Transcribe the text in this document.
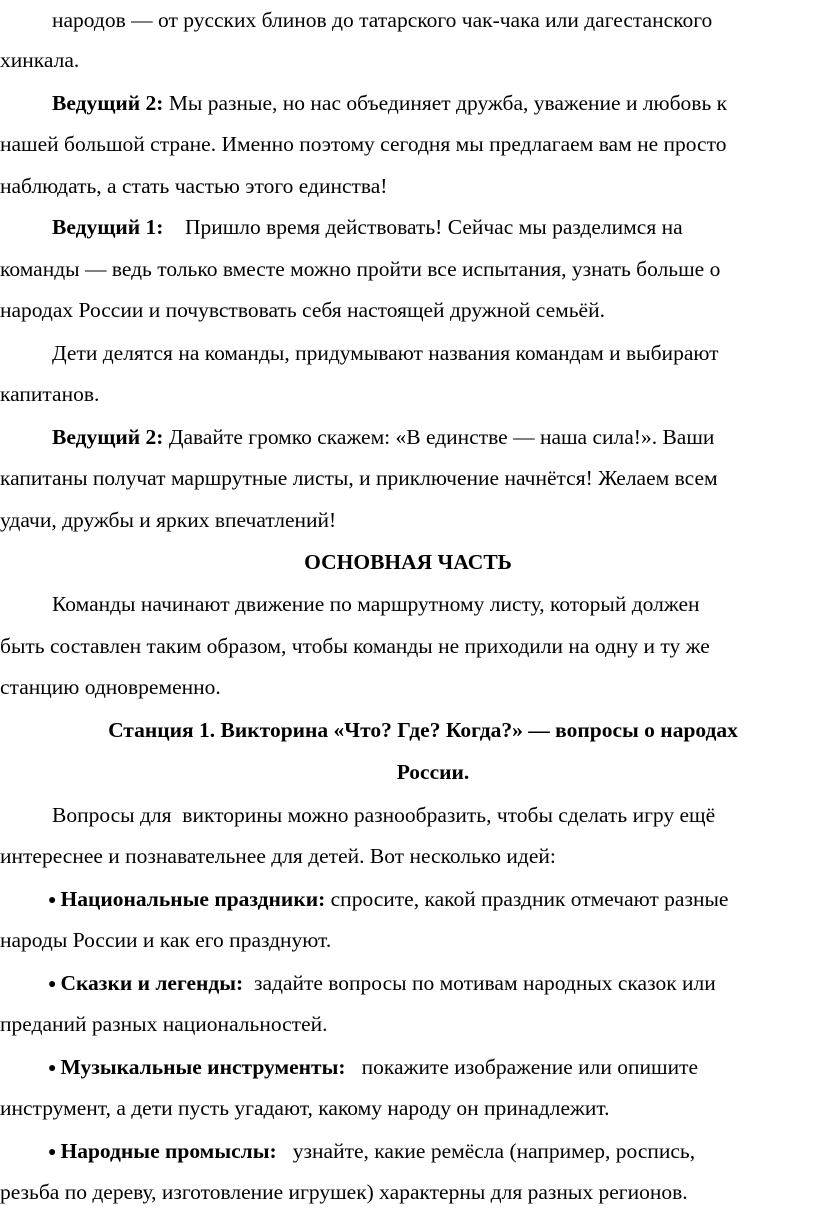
народов — от русских блинов до татарского чак-чака или дагестанского
хинкала.
Ведущий 2: Мы разные, но нас объединяет дружба, уважение и любовь к
нашей большой стране. Именно поэтому сегодня мы предлагаем вам не просто
наблюдать, а стать частью этого единства!
Ведущий 1:    Пришло время действовать! Сейчас мы разделимся на
команды — ведь только вместе можно пройти все испытания, узнать больше о
народах России и почувствовать себя настоящей дружной семьёй.
Дети делятся на команды, придумывают названия командам и выбирают
капитанов.
Ведущий 2: Давайте громко скажем: «В единстве — наша сила!». Ваши
капитаны получат маршрутные листы, и приключение начнётся! Желаем всем
удачи, дружбы и ярких впечатлений!
ОСНОВНАЯ ЧАСТЬ
Команды начинают движение по маршрутному листу, который должен
быть составлен таким образом, чтобы команды не приходили на одну и ту же
станцию одновременно.
Станция 1. Викторина «Что? Где? Когда?» — вопросы о народах
России.
Вопросы для  викторины можно разнообразить, чтобы сделать игру ещё
интереснее и познавательнее для детей. Вот несколько идей:
● Национальные праздники: спросите, какой праздник отмечают разные
народы России и как его празднуют.
● Сказки и легенды:  задайте вопросы по мотивам народных сказок или
преданий разных национальностей.
● Музыкальные инструменты:   покажите изображение или опишите
инструмент, а дети пусть угадают, какому народу он принадлежит.
● Народные промыслы:   узнайте, какие ремёсла (например, роспись,
резьба по дереву, изготовление игрушек) характерны для разных регионов.
